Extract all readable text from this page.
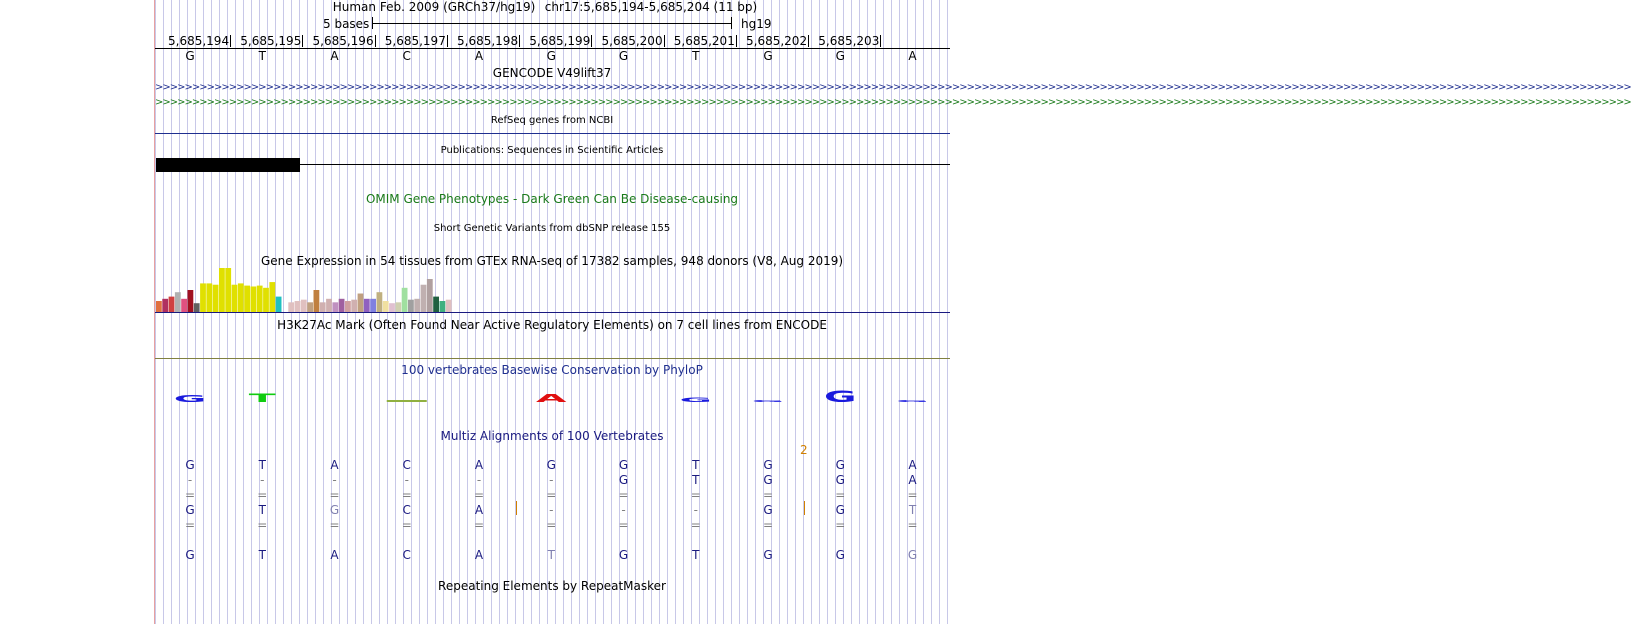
Human Feb. 2009 (GRCh37/hg19) chr17:5,685,194-5,685,204 (11 bp)
5 bases	hg19
5,685,194 5,685,195 5,685,196 5,685,197 5,685,198 5,685,199 5,685,200 5,685,201 5,685,202 5,685,203
G	T	A	C	A	G	G	T	G	G	A
GENCODE V49lift37
>>>>>>>>>>>>>>>>>>>>>>>>>>>>>>>>>>>>>>>>>>>>>>>>>>>>>>>>>>>>>>>>>>>>>>>>>>>>>>>>>>>>>>>>>>>>>>>>>>>>>>>>>>>>>>>>>>>>>>>>>>>>>>>>>>>>>>>>>>>>>>>>>>>>>>>>>>>>>>>>>>>>>>>>>>>>>>>>>>>>>>>>>>>>>>>>>>>>>>>>
>>>>>>>>>>>>>>>>>>>>>>>>>>>>>>>>>>>>>>>>>>>>>>>>>>>>>>>>>>>>>>>>>>>>>>>>>>>>>>>>>>>>>>>>>>>>>>>>>>>>>>>>>>>>>>>>>>>>>>>>>>>>>>>>>>>>>>>>>>>>>>>>>>>>>>>>>>>>>>>>>>>>>>>>>>>>>>>>>>>>>>>>>>>>>>>>>>>>>>>>
RefSeq genes from NCBI
Publications: Sequences in Scientific Articles
OMIM Gene Phenotypes - Dark Green Can Be Disease-causing
Short Genetic Variants from dbSNP release 155
Gene Expression in 54 tissues from GTEx RNA-seq of 17382 samples, 948 donors (V8, Aug 2019)
H3K27Ac Mark (Often Found Near Active Regulatory Elements) on 7 cell lines from ENCODE
100 vertebrates Basewise Conservation by PhyloP
G T	A	G G G G
Multiz Alignments of 100 Vertebrates
2
G	T	A	C	A	G	G	T	G	G	A
-	-	-	-	-	-	G	T	G	G	A
=	=	=	=	=	=	=	=	=	=	=
G	T	G	C	A	-	-	-	G	G	T
=	=	=	=	=	=	=	=	=	=	=
G	T	A	C	A	T	G	T	G	G	G
Repeating Elements by RepeatMasker
